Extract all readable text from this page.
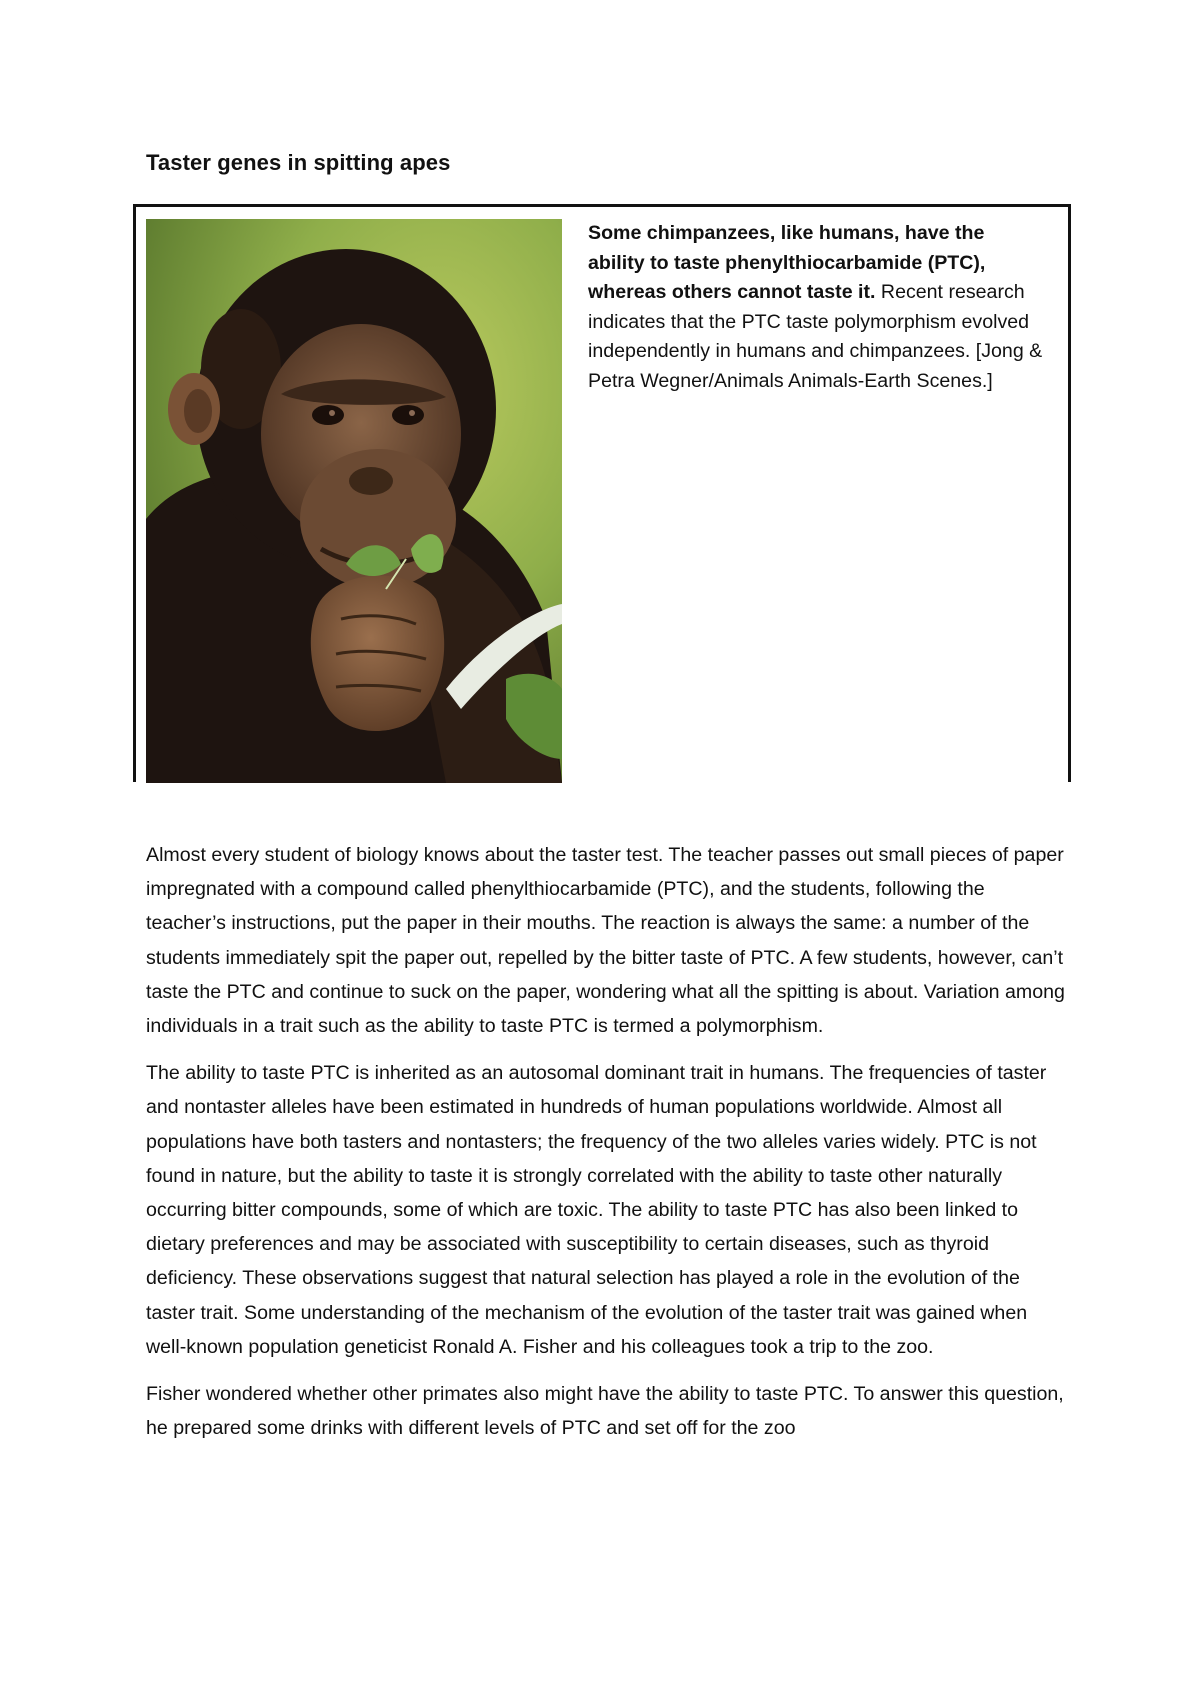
Taster genes in spitting apes

Some chimpanzees, like humans, have the ability to taste phenylthiocarbamide (PTC), whereas others cannot taste it. Recent research indicates that the PTC taste polymorphism evolved independently in humans and chimpanzees. [Jong & Petra Wegner/Animals Animals-Earth Scenes.]

Almost every student of biology knows about the taster test. The teacher passes out small pieces of paper impregnated with a compound called phenylthiocarbamide (PTC), and the students, following the teacher’s instructions, put the paper in their mouths. The reaction is always the same: a number of the students immediately spit the paper out, repelled by the bitter taste of PTC. A few students, however, can’t taste the PTC and continue to suck on the paper, wondering what all the spitting is about. Variation among individuals in a trait such as the ability to taste PTC is termed a polymorphism.

The ability to taste PTC is inherited as an autosomal dominant trait in humans. The frequencies of taster and nontaster alleles have been estimated in hundreds of human populations worldwide. Almost all populations have both tasters and nontasters; the frequency of the two alleles varies widely. PTC is not found in nature, but the ability to taste it is strongly correlated with the ability to taste other naturally occurring bitter compounds, some of which are toxic. The ability to taste PTC has also been linked to dietary preferences and may be associated with susceptibility to certain diseases, such as thyroid deficiency. These observations suggest that natural selection has played a role in the evolution of the taster trait. Some understanding of the mechanism of the evolution of the taster trait was gained when well-known population geneticist Ronald A. Fisher and his colleagues took a trip to the zoo.

Fisher wondered whether other primates also might have the ability to taste PTC. To answer this question, he prepared some drinks with different levels of PTC and set off for the zoo
